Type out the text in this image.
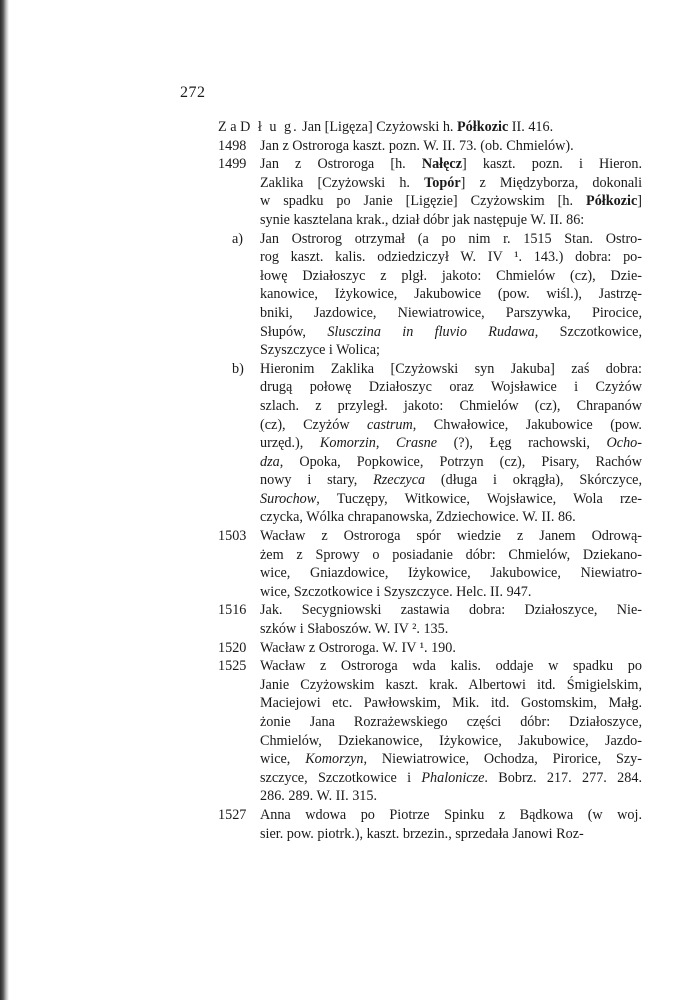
272
Z a D ł u g. Jan [Ligęza] Czyżowski h. Półkozic II. 416.
1498 Jan z Ostroroga kaszt. pozn. W. II. 73. (ob. Chmielów).
1499 Jan z Ostroroga [h. Nałęcz] kaszt. pozn. i Hieron.
Zaklika [Czyżowski h. Topór] z Międzyborza, dokonali
w spadku po Janie [Ligęzie] Czyżowskim [h. Półkozic]
synie kasztelana krak., dział dóbr jak następuje W. II. 86:
a) Jan Ostrorog otrzymał (a po nim r. 1515 Stan. Ostro-
rog kaszt. kalis. odziedziczył W. IV ¹. 143.) dobra: po-
łowę Działoszyc z plgł. jakoto: Chmielów (cz), Dzie-
kanowice, Iżykowice, Jakubowice (pow. wiśl.), Jastrzę-
bniki, Jazdowice, Niewiatrowice, Parszywka, Pirocice,
Słupów, Slusczina in fluvio Rudawa, Szczotkowice,
Szyszczyce i Wolica;
b) Hieronim Zaklika [Czyżowski syn Jakuba] zaś dobra:
drugą połowę Działoszyc oraz Wojsławice i Czyżów
szlach. z przyległ. jakoto: Chmielów (cz), Chrapanów
(cz), Czyżów castrum, Chwałowice, Jakubowice (pow.
urzęd.), Komorzin, Crasne (?), Łęg rachowski, Ocho-
dza, Opoka, Popkowice, Potrzyn (cz), Pisary, Rachów
nowy i stary, Rzeczyca (długa i okrągła), Skórczyce,
Surochow, Tuczępy, Witkowice, Wojsławice, Wola rze-
czycka, Wólka chrapanowska, Zdziechowice. W. II. 86.
1503 Wacław z Ostroroga spór wiedzie z Janem Odrową-
żem z Sprowy o posiadanie dóbr: Chmielów, Dziekano-
wice, Gniazdowice, Iżykowice, Jakubowice, Niewiatro-
wice, Szczotkowice i Szyszczyce. Helc. II. 947.
1516 Jak. Secygniowski zastawia dobra: Działoszyce, Nie-
szków i Słaboszów. W. IV ². 135.
1520 Wacław z Ostroroga. W. IV ¹. 190.
1525 Wacław z Ostroroga wda kalis. oddaje w spadku po
Janie Czyżowskim kaszt. krak. Albertowi itd. Śmigielskim,
Maciejowi etc. Pawłowskim, Mik. itd. Gostomskim, Małg.
żonie Jana Rozrażewskiego części dóbr: Działoszyce,
Chmielów, Dziekanowice, Iżykowice, Jakubowice, Jazdo-
wice, Komorzyn, Niewiatrowice, Ochodza, Pirorice, Szy-
szczyce, Szczotkowice i Phalonicze. Bobrz. 217. 277. 284.
286. 289. W. II. 315.
1527 Anna wdowa po Piotrze Spinku z Bądkowa (w woj.
sier. pow. piotrk.), kaszt. brzezin., sprzedała Janowi Roz-
